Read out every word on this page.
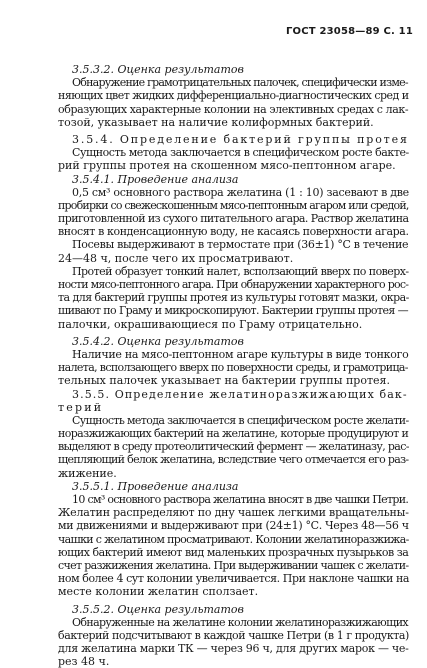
ГОСТ 23058—89 С. 11
3.5.3.2. Оценка результатов
Обнаружение грамотрицательных палочек, специфически изме-
няющих цвет жидких дифференциально-диагностических сред и
образующих характерные колонии на элективных средах с лак-
тозой, указывает на наличие колиформных бактерий.
3.5.4. Определение бактерий группы протея
Сущность метода заключается в специфическом росте бакте-
рий группы протея на скошенном мясо-пептонном агаре.
3.5.4.1. Проведение анализа
0,5 см³ основного раствора желатина (1 : 10) засевают в две
пробирки со свежескошенным мясо-пептонным агаром или средой,
приготовленной из сухого питательного агара. Раствор желатина
вносят в конденсационную воду, не касаясь поверхности агара.
Посевы выдерживают в термостате при (36±1) °С в течение
24—48 ч, после чего их просматривают.
Протей образует тонкий налет, всползающий вверх по поверх-
ности мясо-пептонного агара. При обнаружении характерного рос-
та для бактерий группы протея из культуры готовят мазки, окра-
шивают по Граму и микроскопируют. Бактерии группы протея —
палочки, окрашивающиеся по Граму отрицательно.
3.5.4.2. Оценка результатов
Наличие на мясо-пептонном агаре культуры в виде тонкого
налета, всползающего вверх по поверхности среды, и грамотрица-
тельных палочек указывает на бактерии группы протея.
3.5.5. Определение желатиноразжижающих бак-
терий
Сущность метода заключается в специфическом росте желати-
норазжижающих бактерий на желатине, которые продуцируют и
выделяют в среду протеолитический фермент — желатиназу, рас-
щепляющий белок желатина, вследствие чего отмечается его раз-
жижение.
3.5.5.1. Проведение анализа
10 см³ основного раствора желатина вносят в две чашки Петри.
Желатин распределяют по дну чашек легкими вращательны-
ми движениями и выдерживают при (24±1) °С. Через 48—56 ч
чашки с желатином просматривают. Колонии желатиноразжижа-
ющих бактерий имеют вид маленьких прозрачных пузырьков за
счет разжижения желатина. При выдерживании чашек с желати-
ном более 4 сут колонии увеличивается. При наклоне чашки на
месте колонии желатин сползает.
3.5.5.2. Оценка результатов
Обнаруженные на желатине колонии желатиноразжижающих
бактерий подсчитывают в каждой чашке Петри (в 1 г продукта)
для желатина марки ТК — через 96 ч, для других марок — че-
рез 48 ч.
